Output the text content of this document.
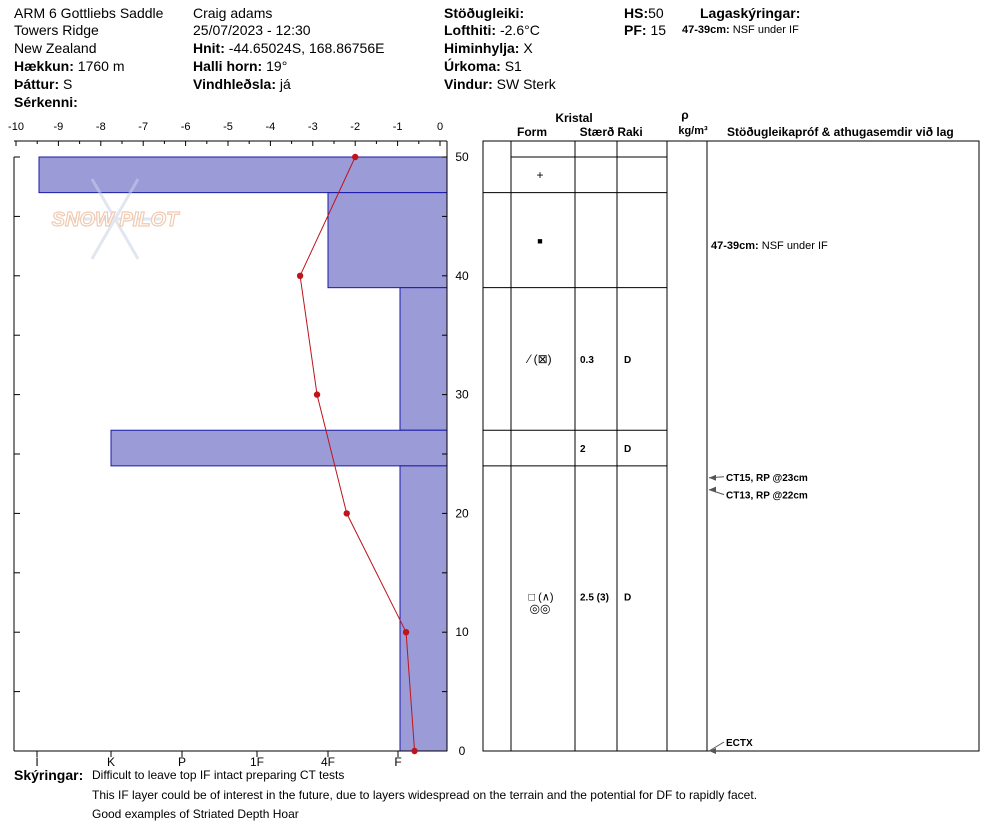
ARM 6 Gottliebs Saddle
Towers Ridge
New Zealand
Hækkun: 1760 m
Þáttur: S
Sérkenni:
Craig adams
25/07/2023 - 12:30
Hnit: -44.65024S, 168.86756E
Halli horn: 19°
Vindhleðsla: já
Stöðugleiki:
Lofthiti: -2.6°C
Himinhylja: X
Úrkoma: S1
Vindur: SW Sterk
HS:50
PF: 15
Lagaskýringar:
47-39cm: NSF under IF
SNOW PILOT
-10	-9	-8	-7	-6	-5	-4	-3	-2	-1	0
0
10
20
30
40
50
I	K	P	1F	4F	F
Kristal
Form	Stærð Raki
ρ
kg/m³ Stöðugleikapróf & athugasemdir við lag
+
■
⁄ (⊠)	0.3	D
2	D
◎◎
□ (∧)	2.5 (3) D
47-39cm: NSF under IF
CT15, RP @23cm
CT13, RP @22cm
ECTX
Skýringar: Difficult to leave top IF intact preparing CT tests
This IF layer could be of interest in the future, due to layers widespread on the terrain and the potential for DF to rapidly facet.
Good examples of Striated Depth Hoar
